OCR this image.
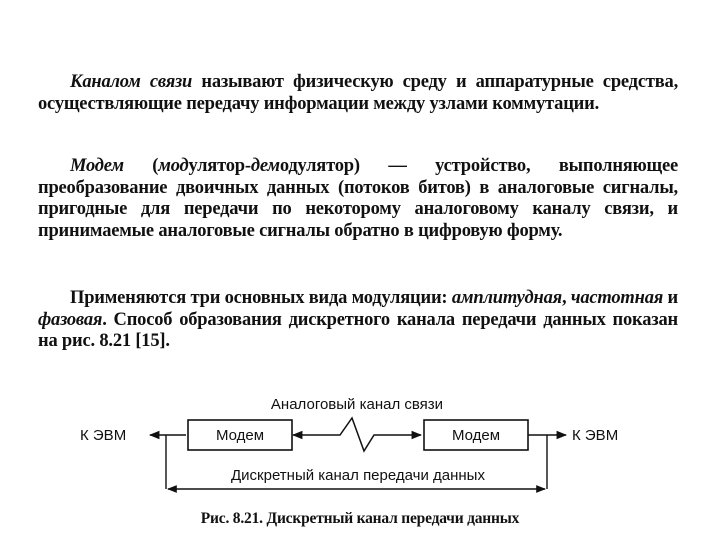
Каналом связи называют физическую среду и аппаратурные средства, осуществляющие передачу информации между узлами коммутации.

Модем (модулятор-демодулятор) — устройство, выполняющее преобразование двоичных данных (потоков битов) в аналоговые сигналы, пригодные для передачи по некоторому аналоговому каналу связи, и принимаемые аналоговые сигналы обратно в цифровую форму.

Применяются три основных вида модуляции: амплитудная, частотная и фазовая. Способ образования дискретного канала передачи данных показан на рис. 8.21 [15].

Аналоговый канал связи
К ЭВМ	К ЭВМ
Модем	Модем
Дискретный канал передачи данных
Рис. 8.21. Дискретный канал передачи данных
